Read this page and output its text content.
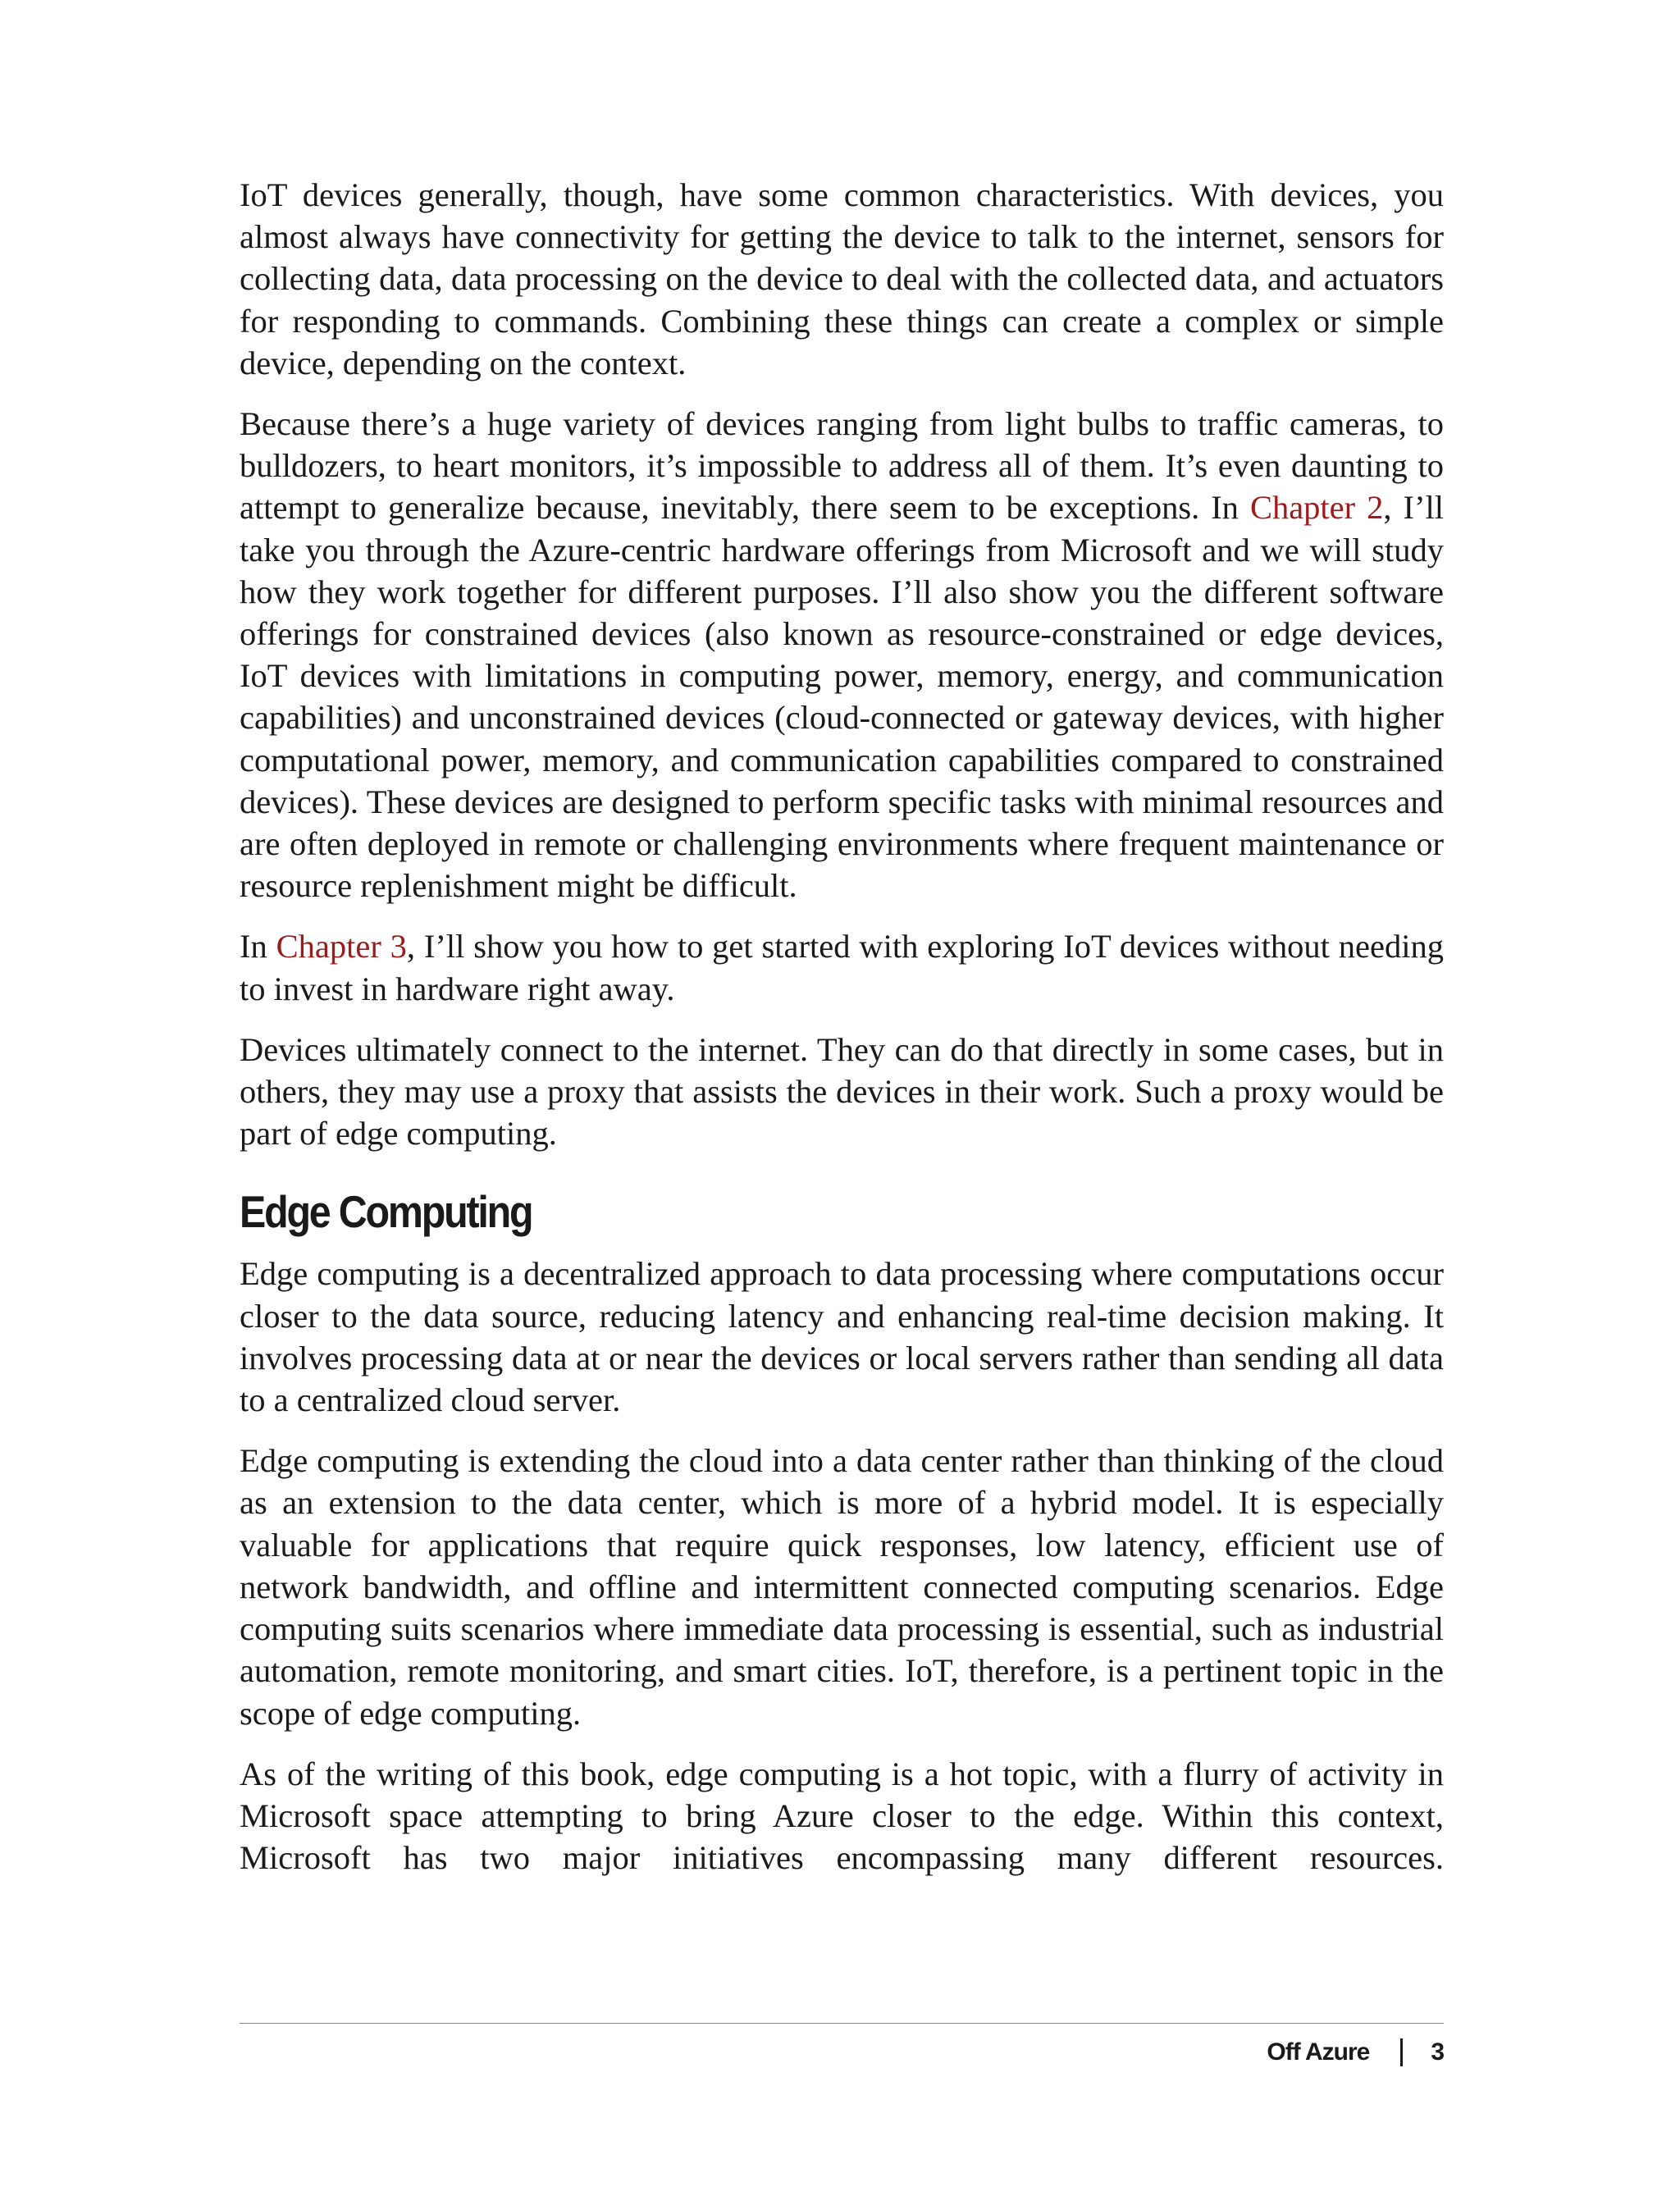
IoT devices generally, though, have some common characteristics. With devices, you almost always have connectivity for getting the device to talk to the internet, sensors for collecting data, data processing on the device to deal with the collected data, and actuators for responding to commands. Combining these things can create a complex or simple device, depending on the context.

Because there’s a huge variety of devices ranging from light bulbs to traffic cameras, to bulldozers, to heart monitors, it’s impossible to address all of them. It’s even daunting to attempt to generalize because, inevitably, there seem to be exceptions. In Chapter 2, I’ll take you through the Azure-centric hardware offerings from Microsoft and we will study how they work together for different purposes. I’ll also show you the different software offerings for constrained devices (also known as resource-constrained or edge devices, IoT devices with limitations in computing power, memory, energy, and communication capabilities) and unconstrained devices (cloud-connected or gateway devices, with higher computational power, memory, and communication capabilities compared to constrained devices). These devices are designed to perform specific tasks with minimal resources and are often deployed in remote or challenging environments where frequent maintenance or resource replenishment might be difficult.

In Chapter 3, I’ll show you how to get started with exploring IoT devices without needing to invest in hardware right away.

Devices ultimately connect to the internet. They can do that directly in some cases, but in others, they may use a proxy that assists the devices in their work. Such a proxy would be part of edge computing.

Edge Computing

Edge computing is a decentralized approach to data processing where computations occur closer to the data source, reducing latency and enhancing real-time decision making. It involves processing data at or near the devices or local servers rather than sending all data to a centralized cloud server.

Edge computing is extending the cloud into a data center rather than thinking of the cloud as an extension to the data center, which is more of a hybrid model. It is especially valuable for applications that require quick responses, low latency, efficient use of network bandwidth, and offline and intermittent connected computing scenarios. Edge computing suits scenarios where immediate data processing is essential, such as industrial automation, remote monitoring, and smart cities. IoT, therefore, is a pertinent topic in the scope of edge computing.

As of the writing of this book, edge computing is a hot topic, with a flurry of activity in Microsoft space attempting to bring Azure closer to the edge. Within this context, Microsoft has two major initiatives encompassing many different resources.

Off Azure	3
